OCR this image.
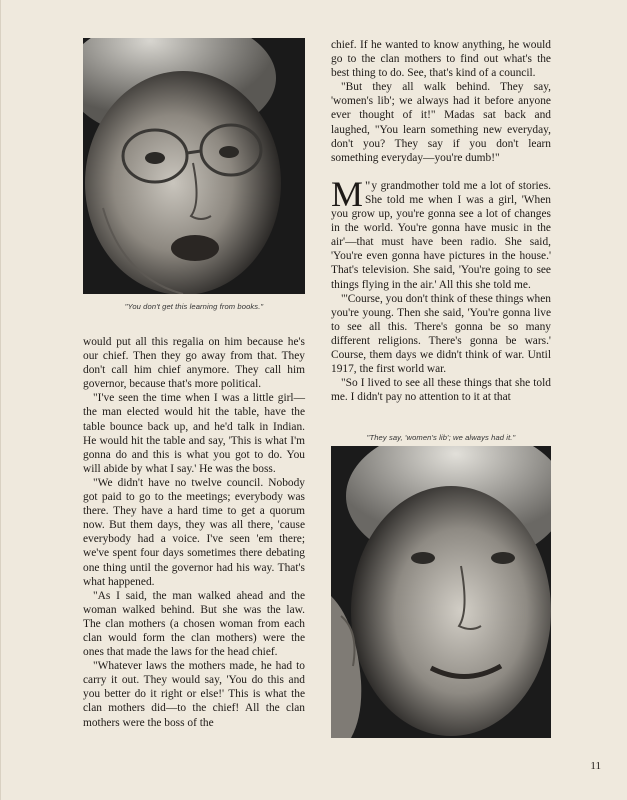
"You don't get this learning from books."

would put all this regalia on him because he's our chief. Then they go away from that. They don't call him chief anymore. They call him governor, because that's more political.

"I've seen the time when I was a little girl—the man elected would hit the table, have the table bounce back up, and he'd talk in Indian. He would hit the table and say, 'This is what I'm gonna do and this is what you got to do. You will abide by what I say.' He was the boss.

"We didn't have no twelve council. Nobody got paid to go to the meetings; everybody was there. They have a hard time to get a quorum now. But them days, they was all there, 'cause everybody had a voice. I've seen 'em there; we've spent four days sometimes there debating one thing until the governor had his way. That's what happened.

"As I said, the man walked ahead and the woman walked behind. But she was the law. The clan mothers (a chosen woman from each clan would form the clan mothers) were the ones that made the laws for the head chief.

"Whatever laws the mothers made, he had to carry it out. They would say, 'You do this and you better do it right or else!' This is what the clan mothers did—to the chief! All the clan mothers were the boss of the

chief. If he wanted to know anything, he would go to the clan mothers to find out what's the best thing to do. See, that's kind of a council.

"But they all walk behind. They say, 'women's lib'; we always had it before anyone ever thought of it!" Madas sat back and laughed, "You learn something new everyday, don't you? They say if you don't learn something everyday—you're dumb!"

"
M y grandmother told me a lot of stories. She told me when I was a girl, 'When you grow up, you're gonna see a lot of changes in the world. You're gonna have music in the air'—that must have been radio. She said, 'You're even gonna have pictures in the house.' That's television. She said, 'You're going to see things flying in the air.' All this she told me.

"'Course, you don't think of these things when you're young. Then she said, 'You're gonna live to see all this. There's gonna be so many different religions. There's gonna be wars.' Course, them days we didn't think of war. Until 1917, the first world war.

"So I lived to see all these things that she told me. I didn't pay no attention to it at that

"They say, 'women's lib'; we always had it."
11
